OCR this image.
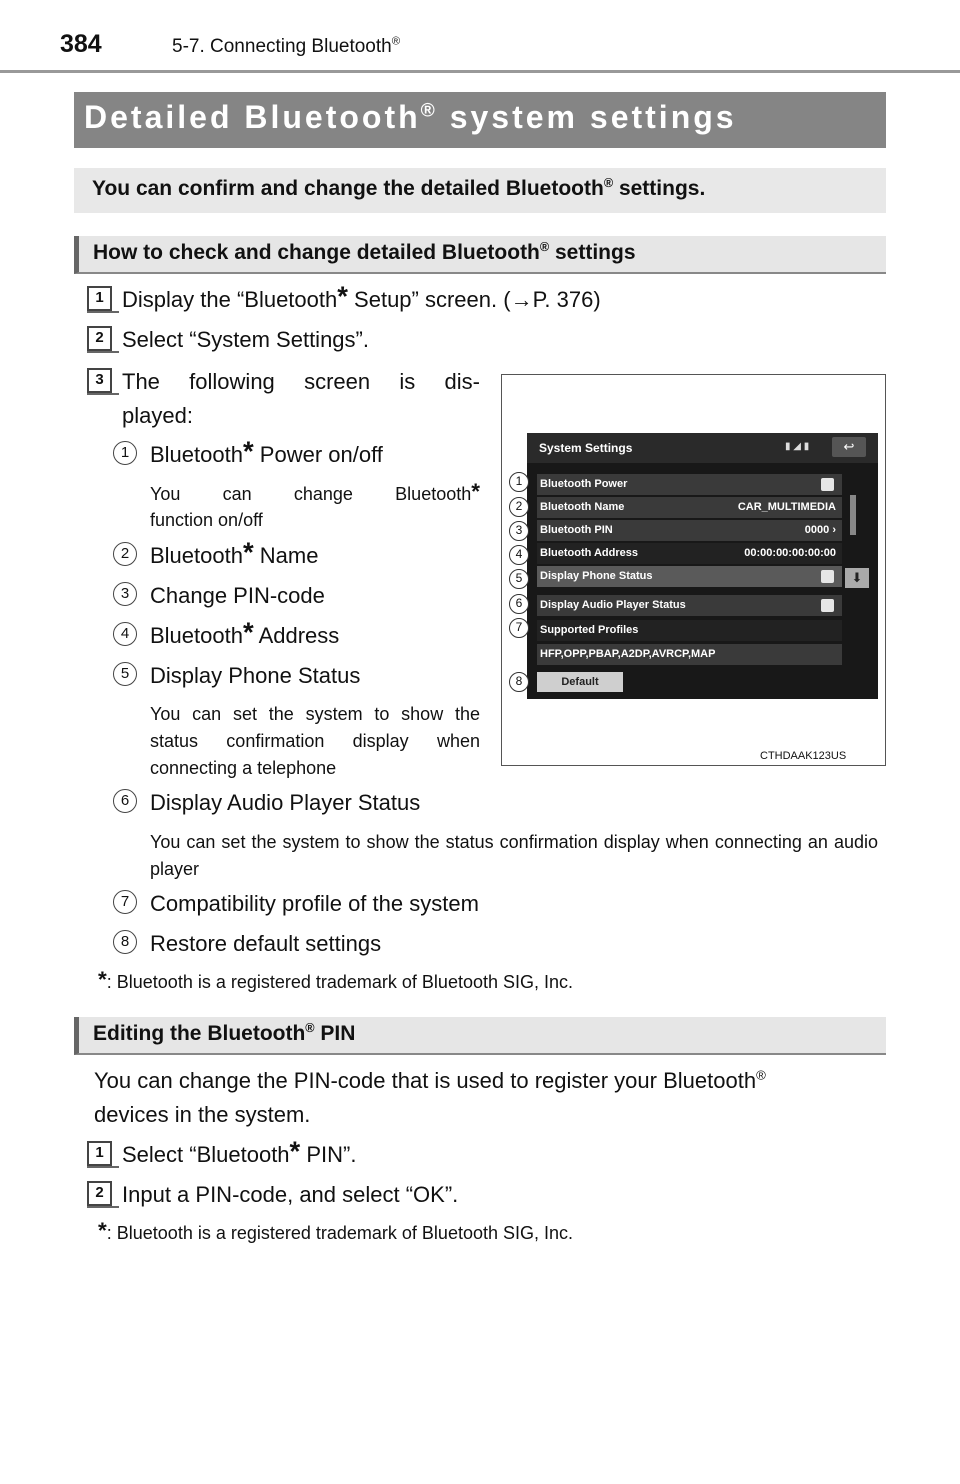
384	5-7. Connecting Bluetooth®
Detailed Bluetooth® system settings
You can confirm and change the detailed Bluetooth® settings.
How to check and change detailed Bluetooth® settings
1 Display the “Bluetooth* Setup” screen. (→P. 376)
2 Select “System Settings”.
3 The following screen is dis-
played:
1 Bluetooth* Power on/off
You can change Bluetooth*
function on/off
2 Bluetooth* Name
3 Change PIN-code
4 Bluetooth* Address
5 Display Phone Status
You can set the system to show the status confirmation display when connecting a telephone
6 Display Audio Player Status
You can set the system to show the status confirmation display when connecting an audio player
7 Compatibility profile of the system
8 Restore default settings
*: Bluetooth is a registered trademark of Bluetooth SIG, Inc.
System Settings	▮ ◢ ▮	↩
Bluetooth Power
Bluetooth Name	CAR_MULTIMEDIA
Bluetooth PIN	0000 ›
Bluetooth Address	00:00:00:00:00:00
Display Phone Status
Display Audio Player Status
Supported Profiles
HFP,OPP,PBAP,A2DP,AVRCP,MAP
Default
⬇
1
2
3
4
5
6
7
8
CTHDAAK123US
Editing the Bluetooth® PIN
You can change the PIN-code that is used to register your Bluetooth®
devices in the system.
1 Select “Bluetooth* PIN”.
2 Input a PIN-code, and select “OK”.
*: Bluetooth is a registered trademark of Bluetooth SIG, Inc.
